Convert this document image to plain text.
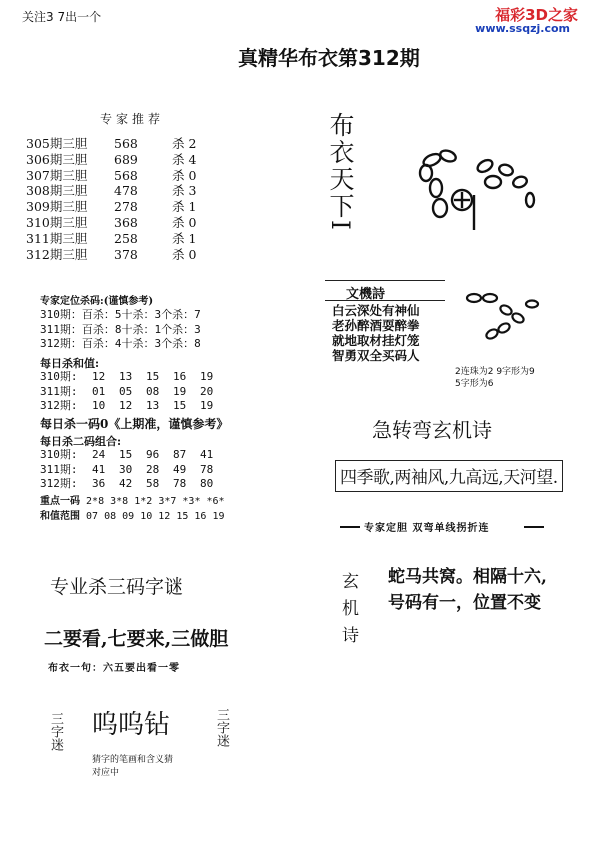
关注3 7出一个	福彩3D之家
www.ssqzj.com
真精华布衣第312期
专家推荐
305期三胆 568	杀 2
306期三胆 689	杀 4
307期三胆 568	杀 0
308期三胆 478	杀 3
309期三胆 278	杀 1
310期三胆 368	杀 0
311期三胆 258	杀 1
312期三胆 378	杀 0
专家定位杀码:(谨慎参考)
310期：百杀：5十杀：3个杀：7
311期：百杀：8十杀：1个杀：3
312期：百杀：4十杀：3个杀：8
每日杀和值:
310期: 12 13 15 16 19
311期: 01 05 08 19 20
312期: 10 12 13 15 19
每日杀一码0《上期准，谨慎参考》
每日杀二码组合:
310期: 24 15 96 87 41
311期: 41 30 28 49 78
312期: 36 42 58 78 80
重点一码 2*8 3*8 1*2 3*7 *3* *6*
和值范围 07 08 09 10 12 15 16 19
专业杀三码字谜
二要看,七要来,三做胆
布衣一句：六五要出看一零
三字迷 呜呜钻
猜字的笔画和含义猜
对应中
三字迷
布衣天下I
文機詩
白云深处有神仙
老孙醉酒耍醉拳
就地取材挂灯笼
智勇双全买码人
2连珠为2 9字形为9
5字形为6
急转弯玄机诗
四季歌,两袖风,九高远,天河望.
专家定胆 双弯单线拐折连
玄机诗 蛇马共窝。相隔十六,
号码有一，位置不变
